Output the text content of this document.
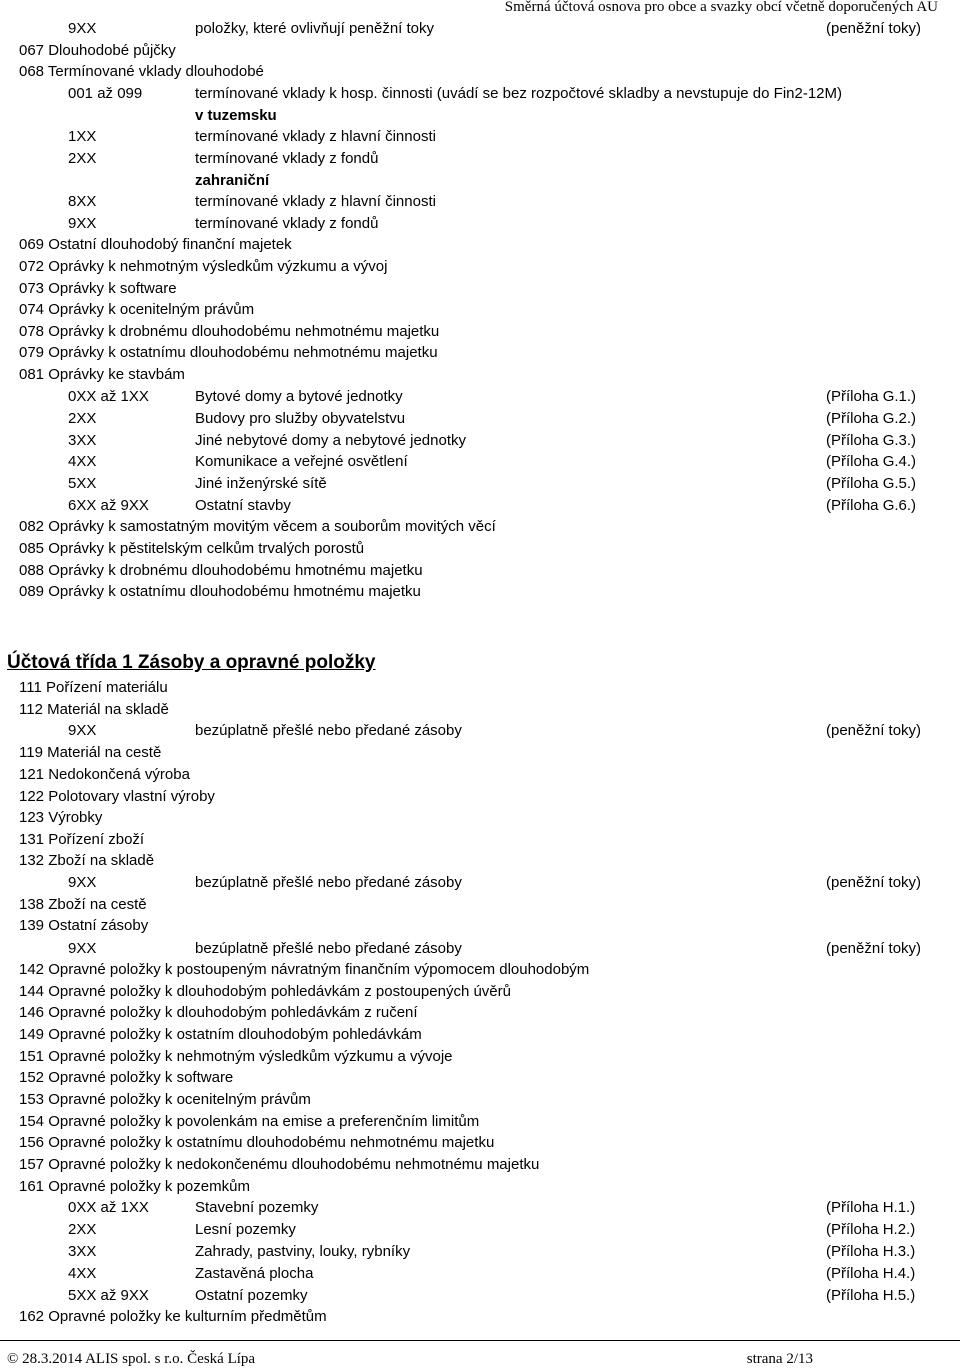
Směrná účtová osnova pro obce a svazky obcí včetně doporučených AU
9XX	položky, které ovlivňují peněžní toky	(peněžní toky)
067 Dlouhodobé půjčky
068 Termínované vklady dlouhodobé
001 až 099	termínované vklady k hosp. činnosti (uvádí se bez rozpočtové skladby a nevstupuje do Fin2-12M)
v tuzemsku
1XX	termínované vklady z hlavní činnosti
2XX	termínované vklady z fondů
zahraniční
8XX	termínované vklady z hlavní činnosti
9XX	termínované vklady z fondů
069 Ostatní dlouhodobý finanční majetek
072 Oprávky k nehmotným výsledkům výzkumu a vývoj
073 Oprávky k software
074 Oprávky k ocenitelným právům
078 Oprávky k drobnému dlouhodobému nehmotnému majetku
079 Oprávky k ostatnímu dlouhodobému nehmotnému majetku
081 Oprávky ke stavbám
0XX až 1XX	Bytové domy a bytové jednotky	(Příloha G.1.)
2XX	Budovy pro služby obyvatelstvu	(Příloha G.2.)
3XX	Jiné nebytové domy a nebytové jednotky	(Příloha G.3.)
4XX	Komunikace a veřejné osvětlení	(Příloha G.4.)
5XX	Jiné inženýrské sítě	(Příloha G.5.)
6XX až 9XX	Ostatní stavby	(Příloha G.6.)
082 Oprávky k samostatným movitým věcem a souborům movitých věcí
085 Oprávky k pěstitelským celkům trvalých porostů
088 Oprávky k drobnému dlouhodobému hmotnému majetku
089 Oprávky k ostatnímu dlouhodobému hmotnému majetku
111 Pořízení materiálu
112 Materiál na skladě
9XX	bezúplatně přešlé nebo předané zásoby	(peněžní toky)
119 Materiál na cestě
121 Nedokončená výroba
122 Polotovary vlastní výroby
123 Výrobky
131 Pořízení zboží
132 Zboží na skladě
9XX	bezúplatně přešlé nebo předané zásoby	(peněžní toky)
138 Zboží na cestě
139 Ostatní zásoby
9XX	bezúplatně přešlé nebo předané zásoby	(peněžní toky)
142 Opravné položky k postoupeným návratným finančním výpomocem dlouhodobým
144 Opravné položky k dlouhodobým pohledávkám z postoupených úvěrů
146 Opravné položky k dlouhodobým pohledávkám z ručení
149 Opravné položky k ostatním dlouhodobým pohledávkám
151 Opravné položky k nehmotným výsledkům výzkumu a vývoje
152 Opravné položky k software
153 Opravné položky k ocenitelným právům
154 Opravné položky k povolenkám na emise a preferenčním limitům
156 Opravné položky k ostatnímu dlouhodobému nehmotnému majetku
157 Opravné položky k nedokončenému dlouhodobému nehmotnému majetku
161 Opravné položky k pozemkům
0XX až 1XX	Stavební pozemky	(Příloha H.1.)
2XX	Lesní pozemky	(Příloha H.2.)
3XX	Zahrady, pastviny, louky, rybníky	(Příloha H.3.)
4XX	Zastavěná plocha	(Příloha H.4.)
5XX až 9XX	Ostatní pozemky	(Příloha H.5.)
162 Opravné položky ke kulturním předmětům
Účtová třída 1 Zásoby a opravné položky
© 28.3.2014 ALIS spol. s r.o. Česká Lípa	strana 2/13
